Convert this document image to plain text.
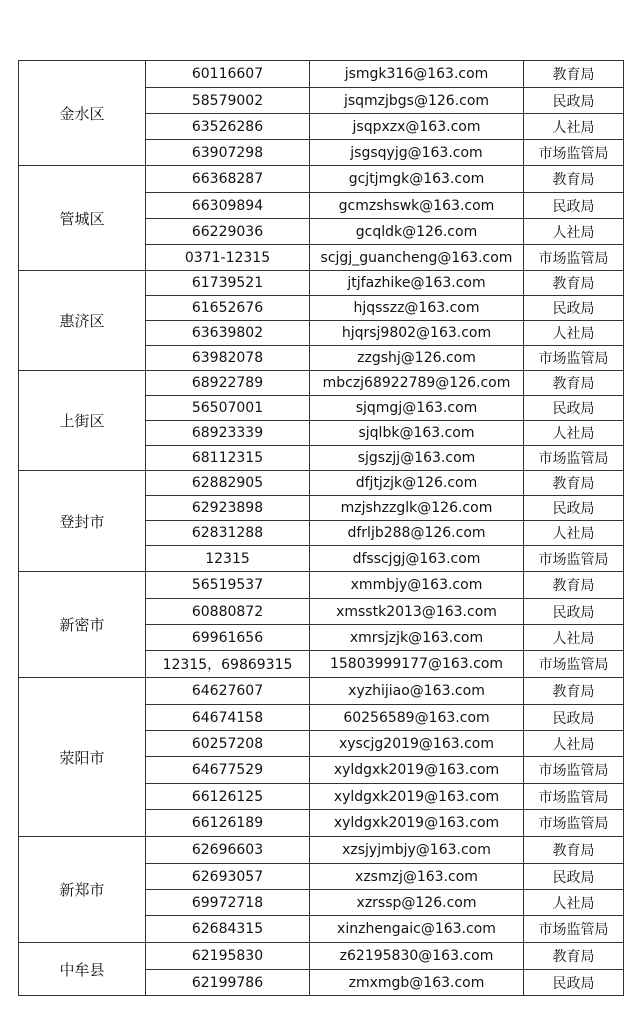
金水区	60116607	jsmgk316@163.com	教育局
	58579002	jsqmzjbgs@126.com	民政局
	63526286	jsqpxzx@163.com	人社局
	63907298	jsgsqyjg@163.com	市场监管局
管城区	66368287	gcjtjmgk@163.com	教育局
	66309894	gcmzshswk@163.com	民政局
	66229036	gcqldk@126.com	人社局
	0371-12315	scjgj_guancheng@163.com	市场监管局
惠济区	61739521	jtjfazhike@163.com	教育局
	61652676	hjqsszz@163.com	民政局
	63639802	hjqrsj9802@163.com	人社局
	63982078	zzgshj@126.com	市场监管局
上街区	68922789	mbczj68922789@126.com	教育局
	56507001	sjqmgj@163.com	民政局
	68923339	sjqlbk@163.com	人社局
	68112315	sjgszjj@163.com	市场监管局
登封市	62882905	dfjtjzjk@126.com	教育局
	62923898	mzjshzzglk@126.com	民政局
	62831288	dfrljb288@126.com	人社局
	12315	dfsscjgj@163.com	市场监管局
新密市	56519537	xmmbjy@163.com	教育局
	60880872	xmsstk2013@163.com	民政局
	69961656	xmrsjzjk@163.com	人社局
	12315，69869315	15803999177@163.com	市场监管局
荥阳市	64627607	xyzhijiao@163.com	教育局
	64674158	60256589@163.com	民政局
	60257208	xyscjg2019@163.com	人社局
	64677529	xyldgxk2019@163.com	市场监管局
	66126125	xyldgxk2019@163.com	市场监管局
	66126189	xyldgxk2019@163.com	市场监管局
新郑市	62696603	xzsjyjmbjy@163.com	教育局
	62693057	xzsmzj@163.com	民政局
	69972718	xzrssp@126.com	人社局
	62684315	xinzhengaic@163.com	市场监管局
中牟县	62195830	z62195830@163.com	教育局
	62199786	zmxmgb@163.com	民政局
